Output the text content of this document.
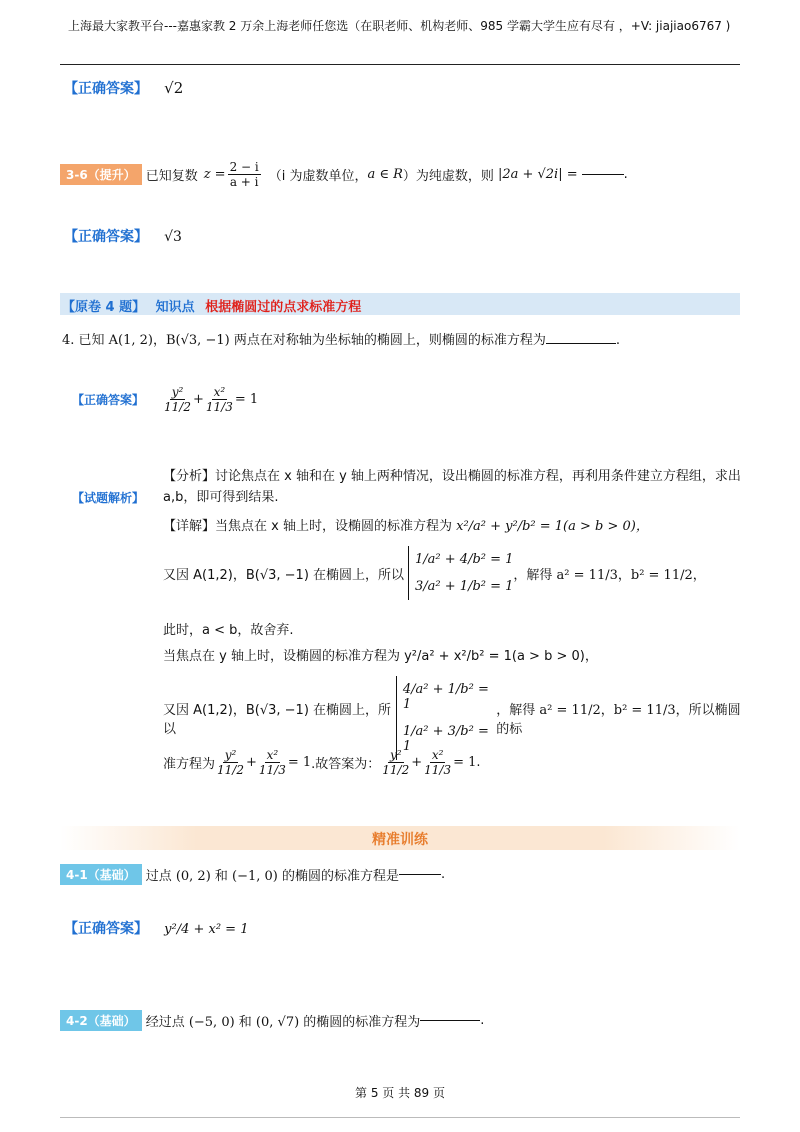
上海最大家教平台---嘉惠家教 2 万余上海老师任您选（在职老师、机构老师、985 学霸大学生应有尽有 ，+V: jiajiao6767 )
【正确答案】 √2
3-6（提升） 已知复数 $z = \frac{2 - i}{a + i} (i$ 为虚数单位， a ∈ R ）为纯虚数，则 |2a + √2i| =	.
【正确答案】 √3
【原卷 4 题】 知识点 根据椭圆过的点求标准方程
4. 已知 A(1, 2)，B(√3, −1) 两点在对称轴为坐标轴的椭圆上，则椭圆的标准方程为	.
【正确答案】 $\frac{\text{y²}}{11/2} + \frac{\text{x²}}{11/3} = 1$
【试题解析】
【分析】讨论焦点在 x 轴和在 y 轴上两种情况，设出椭圆的标准方程，再利用条件建立方程组，求出 a,b，即可得到结果.
【详解】当焦点在 x 轴上时，设椭圆的标准方程为 x²/a² + y²/b² = 1(a > b > 0)，
又因 A(1,2)，B(√3, −1) 在椭圆上，所以
1/a² + 4/b² = 1
3/a² + 1/b² = 1
，解得 a² = 11/3，b² = 11/2，
此时，a < b，故舍弃.
当焦点在 y 轴上时，设椭圆的标准方程为 y²/a² + x²/b² = 1(a > b > 0)，
又因 A(1,2)，B(√3, −1) 在椭圆上，所以
4/a² + 1/b² = 1
1/a² + 3/b² = 1
，解得 a² = 11/2，b² = 11/3，所以椭圆的标
准方程为 $\frac{\text{y²}}{11/2} + \frac{\text{x²}}{11/3} = 1$ .故答案为： $\frac{\text{y²}}{11/2} + \frac{\text{x²}}{11/3} = 1$ .
精准训练
4-1（基础） 过点 (0, 2) 和 (−1, 0) 的椭圆的标准方程是	.
【正确答案】 y²/4 + x² = 1
4-2（基础） 经过点 (−5, 0) 和 (0, √7) 的椭圆的标准方程为	.
第 5 页 共 89 页
